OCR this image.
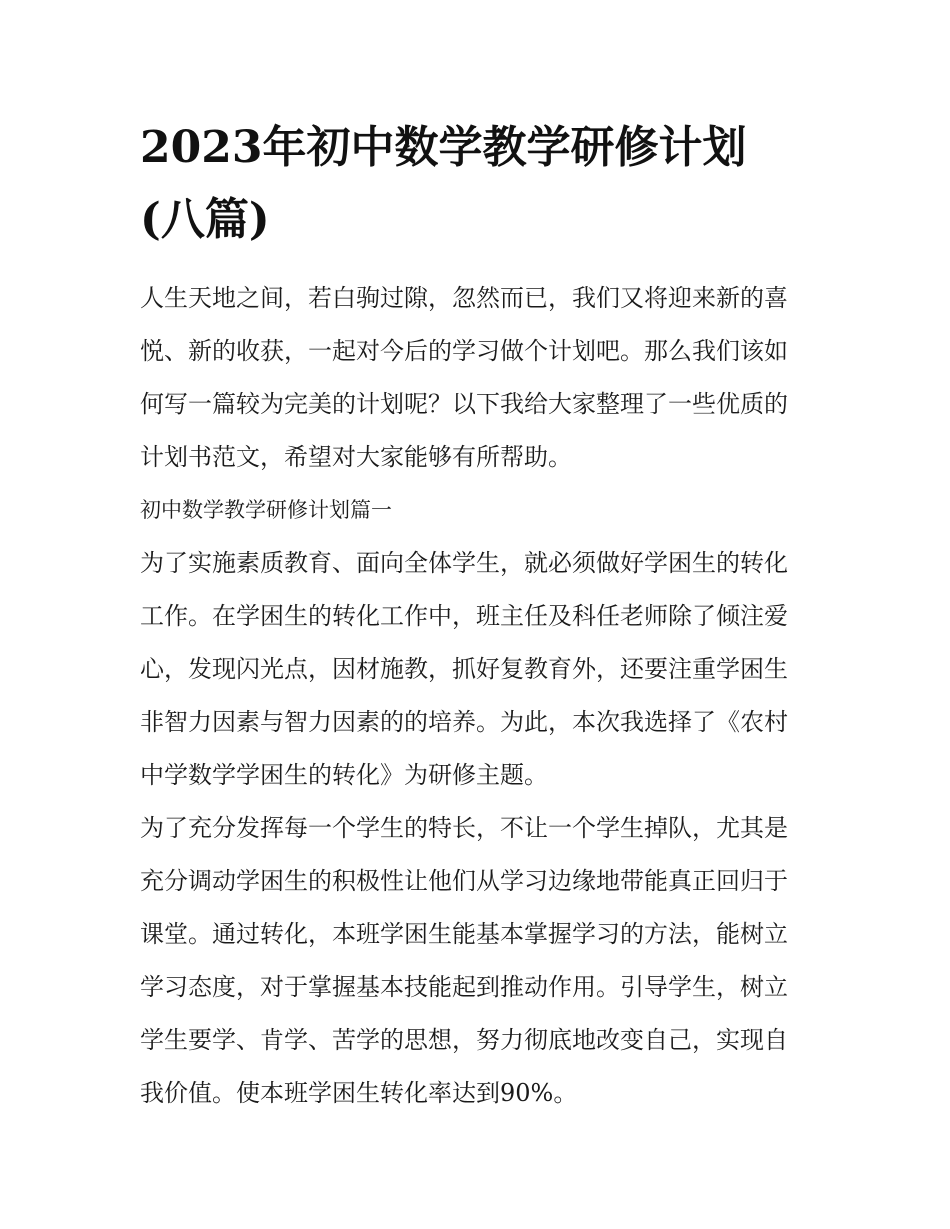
2023年初中数学教学研修计划
(八篇)
人生天地之间，若白驹过隙，忽然而已，我们又将迎来新的喜
悦、新的收获，一起对今后的学习做个计划吧。那么我们该如
何写一篇较为完美的计划呢？以下我给大家整理了一些优质的
计划书范文，希望对大家能够有所帮助。
初中数学教学研修计划篇一
为了实施素质教育、面向全体学生，就必须做好学困生的转化
工作。在学困生的转化工作中，班主任及科任老师除了倾注爱
心，发现闪光点，因材施教，抓好复教育外，还要注重学困生
非智力因素与智力因素的的培养。为此，本次我选择了《农村
中学数学学困生的转化》为研修主题。
为了充分发挥每一个学生的特长，不让一个学生掉队，尤其是
充分调动学困生的积极性让他们从学习边缘地带能真正回归于
课堂。通过转化，本班学困生能基本掌握学习的方法，能树立
学习态度，对于掌握基本技能起到推动作用。引导学生，树立
学生要学、肯学、苦学的思想，努力彻底地改变自己，实现自
我价值。使本班学困生转化率达到90%。
